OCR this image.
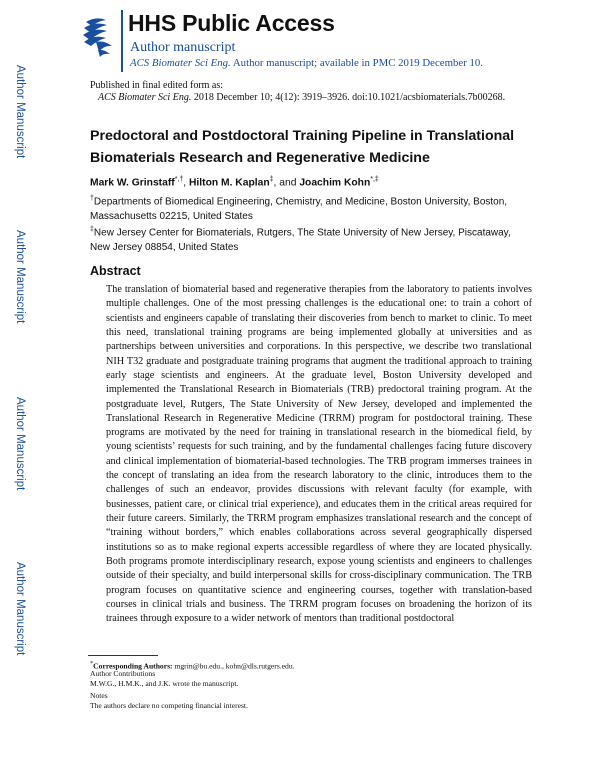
HHS Public Access
Author manuscript
ACS Biomater Sci Eng. Author manuscript; available in PMC 2019 December 10.
Author Manuscript
Author Manuscript
Author Manuscript
Author Manuscript
Published in final edited form as:
ACS Biomater Sci Eng. 2018 December 10; 4(12): 3919–3926. doi:10.1021/acsbiomaterials.7b00268.
Predoctoral and Postdoctoral Training Pipeline in Translational Biomaterials Research and Regenerative Medicine
Mark W. Grinstaff*,†, Hilton M. Kaplan‡, and Joachim Kohn*,‡
†Departments of Biomedical Engineering, Chemistry, and Medicine, Boston University, Boston, Massachusetts 02215, United States
‡New Jersey Center for Biomaterials, Rutgers, The State University of New Jersey, Piscataway, New Jersey 08854, United States
Abstract
The translation of biomaterial based and regenerative therapies from the laboratory to patients involves multiple challenges. One of the most pressing challenges is the educational one: to train a cohort of scientists and engineers capable of translating their discoveries from bench to market to clinic. To meet this need, translational training programs are being implemented globally at universities and as partnerships between universities and corporations. In this perspective, we describe two translational NIH T32 graduate and postgraduate training programs that augment the traditional approach to training early stage scientists and engineers. At the graduate level, Boston University developed and implemented the Translational Research in Biomaterials (TRB) predoctoral training program. At the postgraduate level, Rutgers, The State University of New Jersey, developed and implemented the Translational Research in Regenerative Medicine (TRRM) program for postdoctoral training. These programs are motivated by the need for training in translational research in the biomedical field, by young scientists’ requests for such training, and by the fundamental challenges facing future discovery and clinical implementation of biomaterial-based technologies. The TRB program immerses trainees in the concept of translating an idea from the research laboratory to the clinic, introduces them to the challenges of such an endeavor, provides discussions with relevant faculty (for example, with businesses, patient care, or clinical trial experience), and educates them in the critical areas required for their future careers. Similarly, the TRRM program emphasizes translational research and the concept of “training without borders,” which enables collaborations across several geographically dispersed institutions so as to make regional experts accessible regardless of where they are located physically. Both programs promote interdisciplinary research, expose young scientists and engineers to challenges outside of their specialty, and build interpersonal skills for cross-disciplinary communication. The TRB program focuses on quantitative science and engineering courses, together with translation-based courses in clinical trials and business. The TRRM program focuses on broadening the horizon of its trainees through exposure to a wider network of mentors than traditional postdoctoral
*Corresponding Authors: mgrin@bu.edu., kohn@dls.rutgers.edu.
Author Contributions
M.W.G., H.M.K., and J.K. wrote the manuscript.
Notes
The authors declare no competing financial interest.
